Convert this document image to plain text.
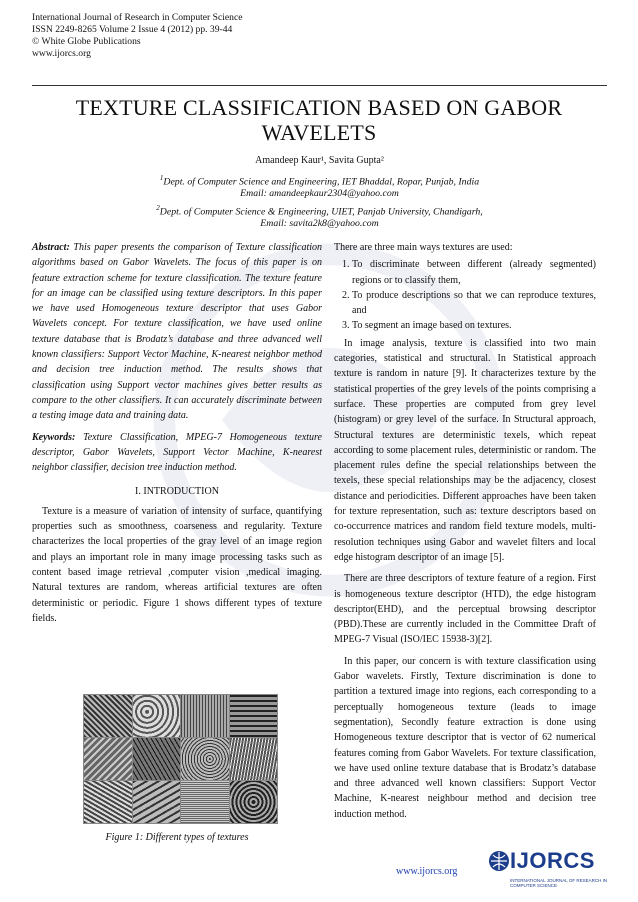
International Journal of Research in Computer Science
ISSN 2249-8265 Volume 2 Issue 4 (2012) pp. 39-44
© White Globe Publications
www.ijorcs.org
TEXTURE CLASSIFICATION BASED ON GABOR
WAVELETS
Amandeep Kaur¹, Savita Gupta²
$^1$Dept. of Computer Science and Engineering, IET Bhaddal, Ropar, Punjab, India
Email: amandeepkaur2304@yahoo.com
$^2$Dept. of Computer Science & Engineering, UIET, Panjab University, Chandigarh,
Email: savita2k8@yahoo.com

Abstract: This paper presents the comparison of Texture classification algorithms based on Gabor Wavelets. The focus of this paper is on feature extraction scheme for texture classification. The texture feature for an image can be classified using texture descriptors. In this paper we have used Homogeneous texture descriptor that uses Gabor Wavelets concept. For texture classification, we have used online texture database that is Brodatz’s database and three advanced well known classifiers: Support Vector Machine, K-nearest neighbor method and decision tree induction method. The results shows that classification using Support vector machines gives better results as compare to the other classifiers. It can accurately discriminate between a testing image data and training data.

Keywords: Texture Classification, MPEG-7 Homogeneous texture descriptor, Gabor Wavelets, Support Vector Machine, K-nearest neighbor classifier, decision tree induction method.

I. INTRODUCTION

Texture is a measure of variation of intensity of surface, quantifying properties such as smoothness, coarseness and regularity. Texture characterizes the local properties of the gray level of an image region and plays an important role in many image processing tasks such as content based image retrieval ,computer vision ,medical imaging. Natural textures are random, whereas artificial textures are often deterministic or periodic. Figure 1 shows different types of texture fields.

Figure 1: Different types of textures

There are three main ways textures are used:

1. To discriminate between different (already segmented) regions or to classify them,
2. To produce descriptions so that we can reproduce textures, and
3. To segment an image based on textures.

In image analysis, texture is classified into two main categories, statistical and structural. In Statistical approach texture is random in nature [9]. It characterizes texture by the statistical properties of the grey levels of the points comprising a surface. These properties are computed from grey level (histogram) or grey level of the surface. In Structural approach, Structural textures are deterministic texels, which repeat according to some placement rules, deterministic or random. The placement rules define the special relationships between the texels, these special relationships may be the adjacency, closest distance and periodicities. Different approaches have been taken for texture representation, such as: texture descriptors based on co-occurrence matrices and random field texture models, multi-resolution techniques using Gabor and wavelet filters and local edge histogram descriptor of an image [5].

There are three descriptors of texture feature of a region. First is homogeneous texture descriptor (HTD), the edge histogram descriptor(EHD), and the perceptual browsing descriptor (PBD).These are currently included in the Committee Draft of MPEG-7 Visual (ISO/IEC 15938-3)[2].

In this paper, our concern is with texture classification using Gabor wavelets. Firstly, Texture discrimination is done to partition a textured image into regions, each corresponding to a perceptually homogeneous texture (leads to image segmentation), Secondly feature extraction is done using Homogeneous texture descriptor that is vector of 62 numerical features coming from Gabor Wavelets. For texture classification, we have used online texture database that is Brodatz’s database and three advanced well known classifiers: Support Vector Machine, K-nearest neighbour method and decision tree induction method.

www.ijorcs.org IJORCS
INTERNATIONAL JOURNAL OF RESEARCH IN COMPUTER SCIENCE
